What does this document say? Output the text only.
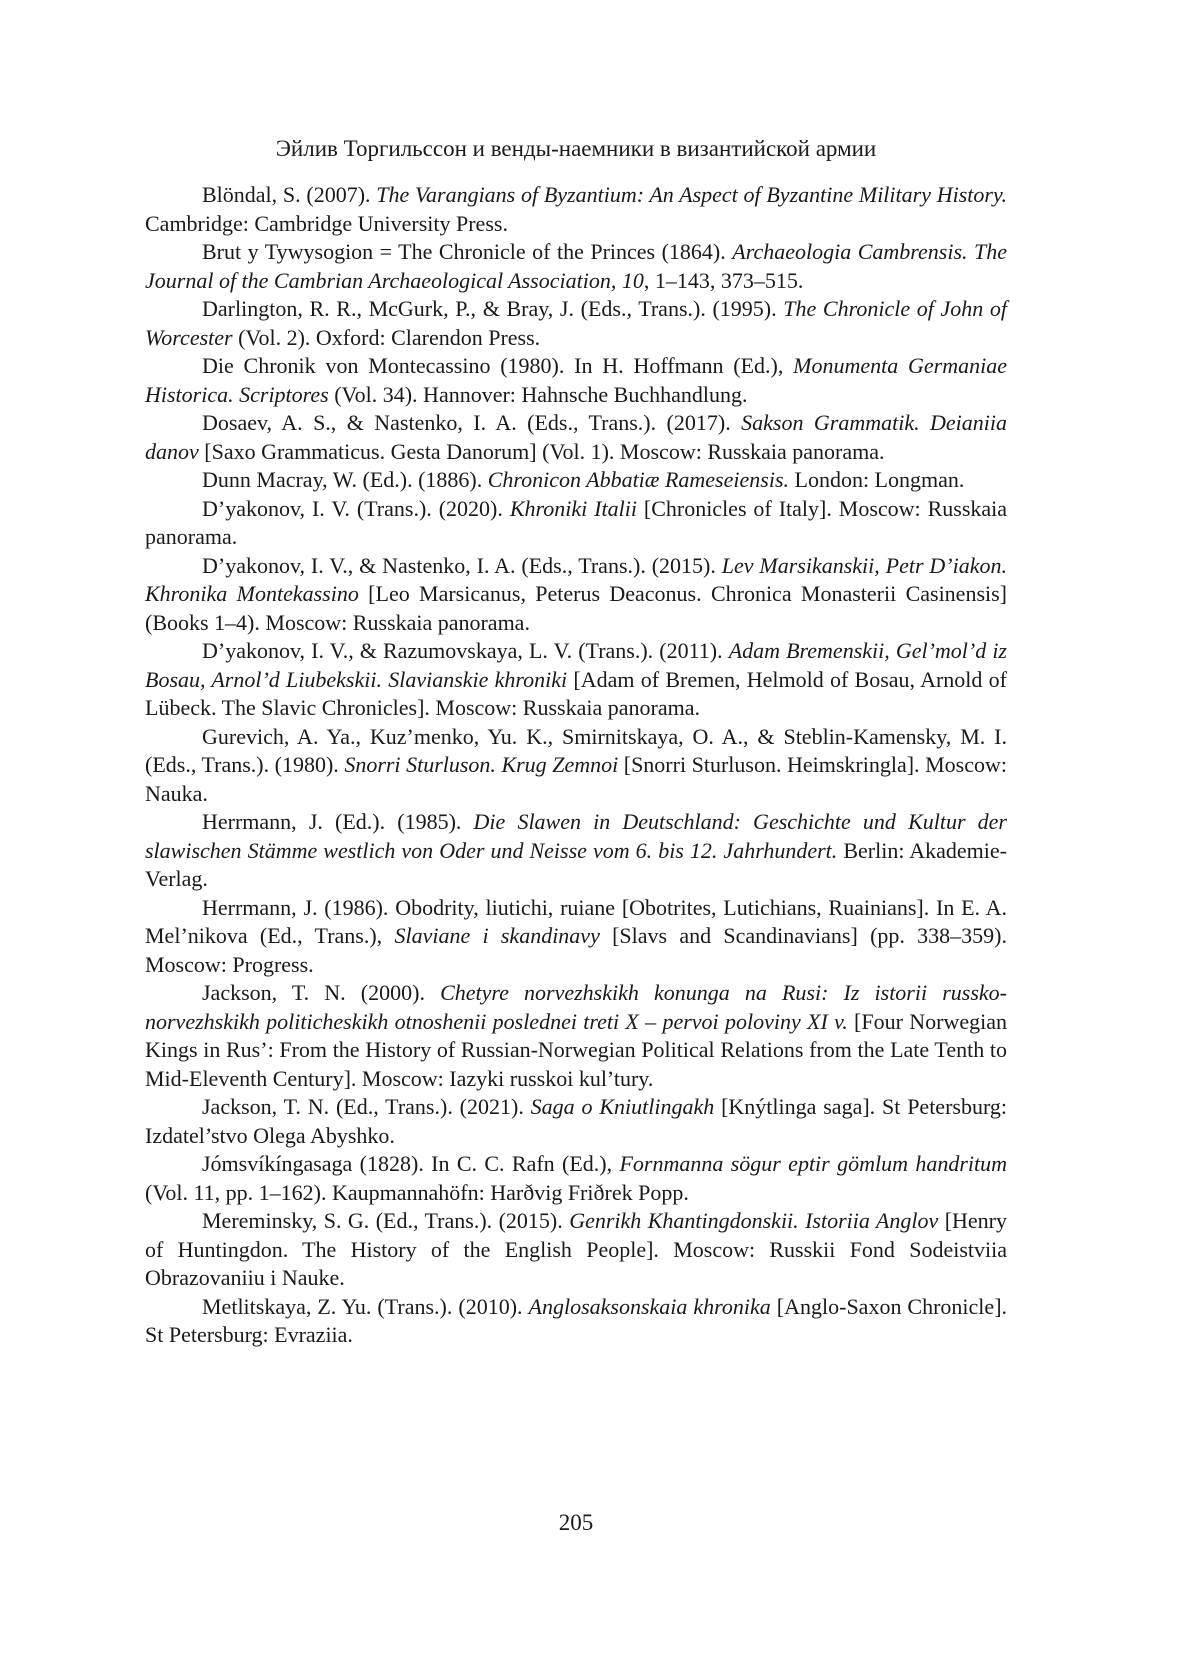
Эйлив Торгильссон и венды-наемники в византийской армии

Blöndal, S. (2007). The Varangians of Byzantium: An Aspect of Byzantine Military History. Cambridge: Cambridge University Press.

Brut y Tywysogion = The Chronicle of the Princes (1864). Archaeologia Cambrensis. The Journal of the Cambrian Archaeological Association, 10, 1–143, 373–515.

Darlington, R. R., McGurk, P., & Bray, J. (Eds., Trans.). (1995). The Chronicle of John of Worcester (Vol. 2). Oxford: Clarendon Press.

Die Chronik von Montecassino (1980). In H. Hoffmann (Ed.), Monumenta Germaniae Historica. Scriptores (Vol. 34). Hannover: Hahnsche Buchhandlung.

Dosaev, A. S., & Nastenko, I. A. (Eds., Trans.). (2017). Sakson Grammatik. Deianiia danov [Saxo Grammaticus. Gesta Danorum] (Vol. 1). Moscow: Russkaia panorama.

Dunn Macray, W. (Ed.). (1886). Chronicon Abbatiæ Rameseiensis. London: Longman.

D’yakonov, I. V. (Trans.). (2020). Khroniki Italii [Chronicles of Italy]. Moscow: Russkaia panorama.

D’yakonov, I. V., & Nastenko, I. A. (Eds., Trans.). (2015). Lev Marsikanskii, Petr D’iakon. Khronika Montekassino [Leo Marsicanus, Peterus Deaconus. Chronica Monasterii Casinensis] (Books 1–4). Moscow: Russkaia panorama.

D’yakonov, I. V., & Razumovskaya, L. V. (Trans.). (2011). Adam Bremenskii, Gel’mol’d iz Bosau, Arnol’d Liubekskii. Slavianskie khroniki [Adam of Bremen, Helmold of Bosau, Arnold of Lübeck. The Slavic Chronicles]. Moscow: Russkaia panorama.

Gurevich, A. Ya., Kuz’menko, Yu. K., Smirnitskaya, O. A., & Steblin-Kamensky, M. I. (Eds., Trans.). (1980). Snorri Sturluson. Krug Zemnoi [Snorri Sturluson. Heimskringla]. Moscow: Nauka.

Herrmann, J. (Ed.). (1985). Die Slawen in Deutschland: Geschichte und Kultur der slawischen Stämme westlich von Oder und Neisse vom 6. bis 12. Jahrhundert. Berlin: Akademie-Verlag.

Herrmann, J. (1986). Obodrity, liutichi, ruiane [Obotrites, Lutichians, Ruainians]. In E. A. Mel’nikova (Ed., Trans.), Slaviane i skandinavy [Slavs and Scandinavians] (pp. 338–359). Moscow: Progress.

Jackson, T. N. (2000). Chetyre norvezhskikh konunga na Rusi: Iz istorii russko-norvezhskikh politicheskikh otnoshenii poslednei treti X – pervoi poloviny XI v. [Four Norwegian Kings in Rus’: From the History of Russian-Norwegian Political Relations from the Late Tenth to Mid-Eleventh Century]. Moscow: Iazyki russkoi kul’tury.

Jackson, T. N. (Ed., Trans.). (2021). Saga o Kniutlingakh [Knýtlinga saga]. St Petersburg: Izdatel’stvo Olega Abyshko.

Jómsvíkíngasaga (1828). In C. C. Rafn (Ed.), Fornmanna sögur eptir gömlum handritum (Vol. 11, pp. 1–162). Kaupmannahöfn: Harðvig Friðrek Popp.

Mereminsky, S. G. (Ed., Trans.). (2015). Genrikh Khantingdonskii. Istoriia Anglov [Henry of Huntingdon. The History of the English People]. Moscow: Russkii Fond Sodeistviia Obrazovaniiu i Nauke.

Metlitskaya, Z. Yu. (Trans.). (2010). Anglosaksonskaia khronika [Anglo-Saxon Chronicle]. St Petersburg: Evraziia.

205
